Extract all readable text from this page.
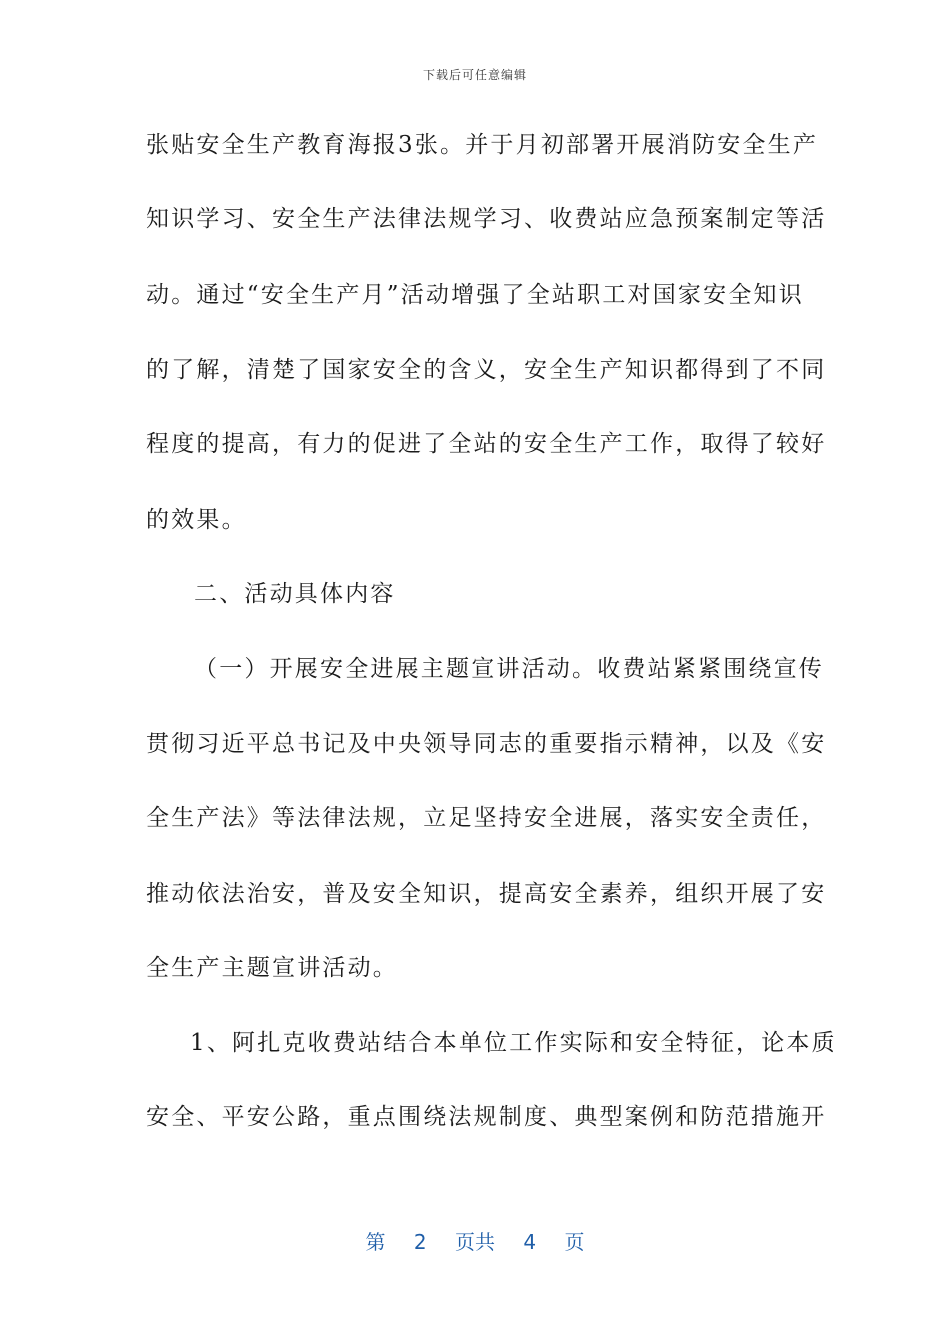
下载后可任意编辑
张贴安全生产教育海报3张。并于月初部署开展消防安全生产
知识学习、安全生产法律法规学习、收费站应急预案制定等活
动。通过“安全生产月”活动增强了全站职工对国家安全知识
的了解，清楚了国家安全的含义，安全生产知识都得到了不同
程度的提高，有力的促进了全站的安全生产工作，取得了较好
的效果。
二、活动具体内容
（一）开展安全进展主题宣讲活动。收费站紧紧围绕宣传
贯彻习近平总书记及中央领导同志的重要指示精神，以及《安
全生产法》等法律法规，立足坚持安全进展，落实安全责任，
推动依法治安，普及安全知识，提高安全素养，组织开展了安
全生产主题宣讲活动。
1、阿扎克收费站结合本单位工作实际和安全特征，论本质
安全、平安公路，重点围绕法规制度、典型案例和防范措施开
第 2 页共 4 页
